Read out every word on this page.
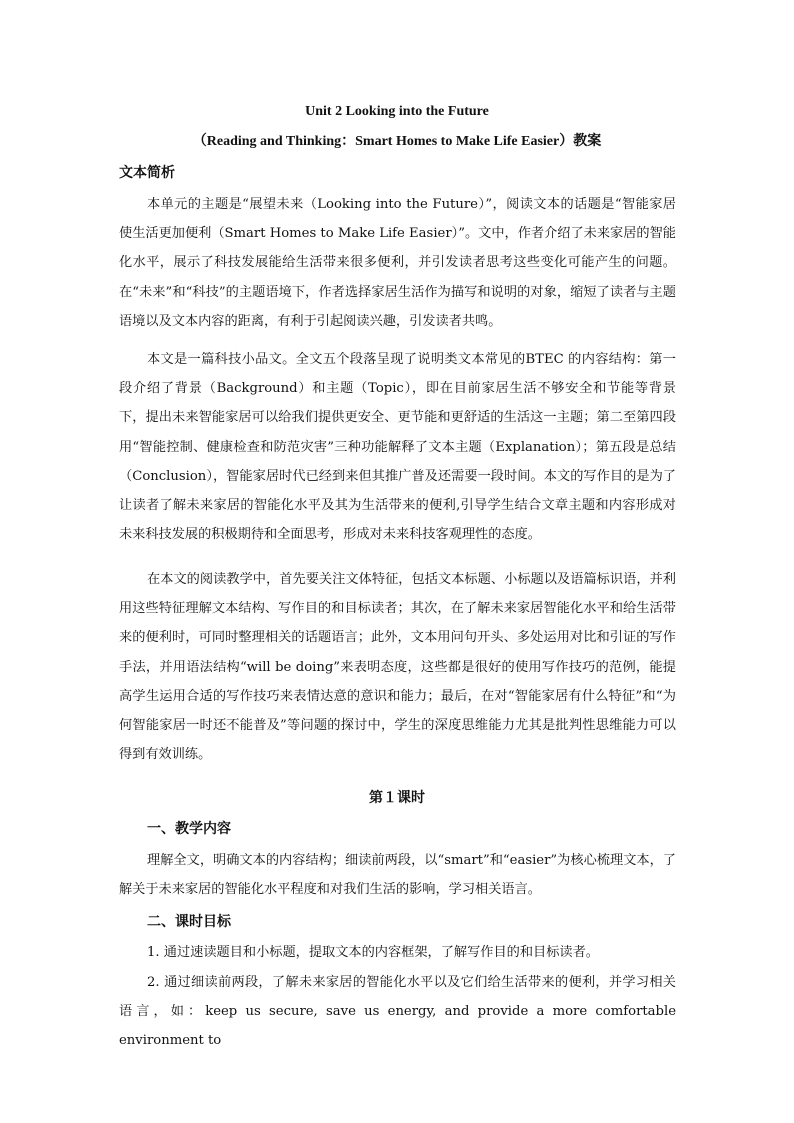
Unit 2 Looking into the Future
（Reading and Thinking：Smart Homes to Make Life Easier）教案
文本简析
本单元的主题是“展望未来（Looking into the Future）”，阅读文本的话题是“智能家居使生活更加便利（Smart Homes to Make Life Easier）”。文中，作者介绍了未来家居的智能化水平，展示了科技发展能给生活带来很多便利，并引发读者思考这些变化可能产生的问题。在“未来”和“科技”的主题语境下，作者选择家居生活作为描写和说明的对象，缩短了读者与主题语境以及文本内容的距离，有利于引起阅读兴趣，引发读者共鸣。
本文是一篇科技小品文。全文五个段落呈现了说明类文本常见的BTEC 的内容结构：第一段介绍了背景（Background）和主题（Topic），即在目前家居生活不够安全和节能等背景下，提出未来智能家居可以给我们提供更安全、更节能和更舒适的生活这一主题；第二至第四段用“智能控制、健康检查和防范灾害”三种功能解释了文本主题（Explanation）；第五段是总结（Conclusion），智能家居时代已经到来但其推广普及还需要一段时间。本文的写作目的是为了让读者了解未来家居的智能化水平及其为生活带来的便利,引导学生结合文章主题和内容形成对未来科技发展的积极期待和全面思考，形成对未来科技客观理性的态度。
在本文的阅读教学中，首先要关注文体特征，包括文本标题、小标题以及语篇标识语，并利用这些特征理解文本结构、写作目的和目标读者；其次，在了解未来家居智能化水平和给生活带来的便利时，可同时整理相关的话题语言；此外，文本用问句开头、多处运用对比和引证的写作手法，并用语法结构“will be doing”来表明态度，这些都是很好的使用写作技巧的范例，能提高学生运用合适的写作技巧来表情达意的意识和能力；最后，在对“智能家居有什么特征”和“为何智能家居一时还不能普及”等问题的探讨中，学生的深度思维能力尤其是批判性思维能力可以得到有效训练。
第１课时
一、教学内容
理解全文，明确文本的内容结构；细读前两段，以“smart”和“easier”为核心梳理文本，了解关于未来家居的智能化水平程度和对我们生活的影响，学习相关语言。
二、课时目标
1. 通过速读题目和小标题，提取文本的内容框架，了解写作目的和目标读者。
2. 通过细读前两段，了解未来家居的智能化水平以及它们给生活带来的便利，并学习相关语言，如：keep us secure, save us energy, and provide a more comfortable environment to
